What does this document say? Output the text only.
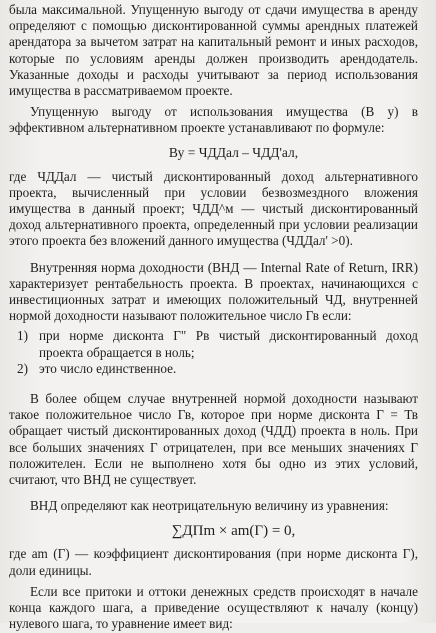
была максимальной. Упущенную выгоду от сдачи имущества в аренду определяют с помощью дисконтированной суммы арендных платежей арендатора за вычетом затрат на капитальный ремонт и иных расходов, которые по условиям аренды должен производить арендодатель. Указанные доходы и расходы учитывают за период использования имущества в рассматриваемом проекте.

Упущенную выгоду от использования имущества (В у) в эффективном альтернативном проекте устанавливают по формуле:

Ву = ЧДДал – ЧДД'ал,

где ЧДДал — чистый дисконтированный доход альтернативного проекта, вычисленный при условии безвозмездного вложения имущества в данный проект; ЧДД^м — чистый дисконтированный доход альтернативного проекта, определенный при условии реализации этого проекта без вложений данного имущества (ЧДДал' >0).

Внутренняя норма доходности (ВНД — Internal Rate of Return, IRR) характеризует рентабельность проекта. В проектах, начинающихся с инвестиционных затрат и имеющих положительный ЧД, внутренней нормой доходности называют положительное число Гв если:

1) при норме дисконта Г" Рв чистый дисконтированный доход проекта обращается в ноль;
2) это число единственное.

В более общем случае внутренней нормой доходности называют такое положительное число Гв, которое при норме дисконта Г = Тв обращает чистый дисконтированных доход (ЧДД) проекта в ноль. При все больших значениях Г отрицателен, при все меньших значениях Г положителен. Если не выполнено хотя бы одно из этих условий, считают, что ВНД не существует.

ВНД определяют как неотрицательную величину из уравнения:

∑ДПm × am(Г) = 0,

где am (Г) — коэффициент дисконтирования (при норме дисконта Г), доли единицы.

Если все притоки и оттоки денежных средств происходят в начале конца каждого шага, а приведение осуществляют к началу (концу) нулевого шага, то уравнение имеет вид:
